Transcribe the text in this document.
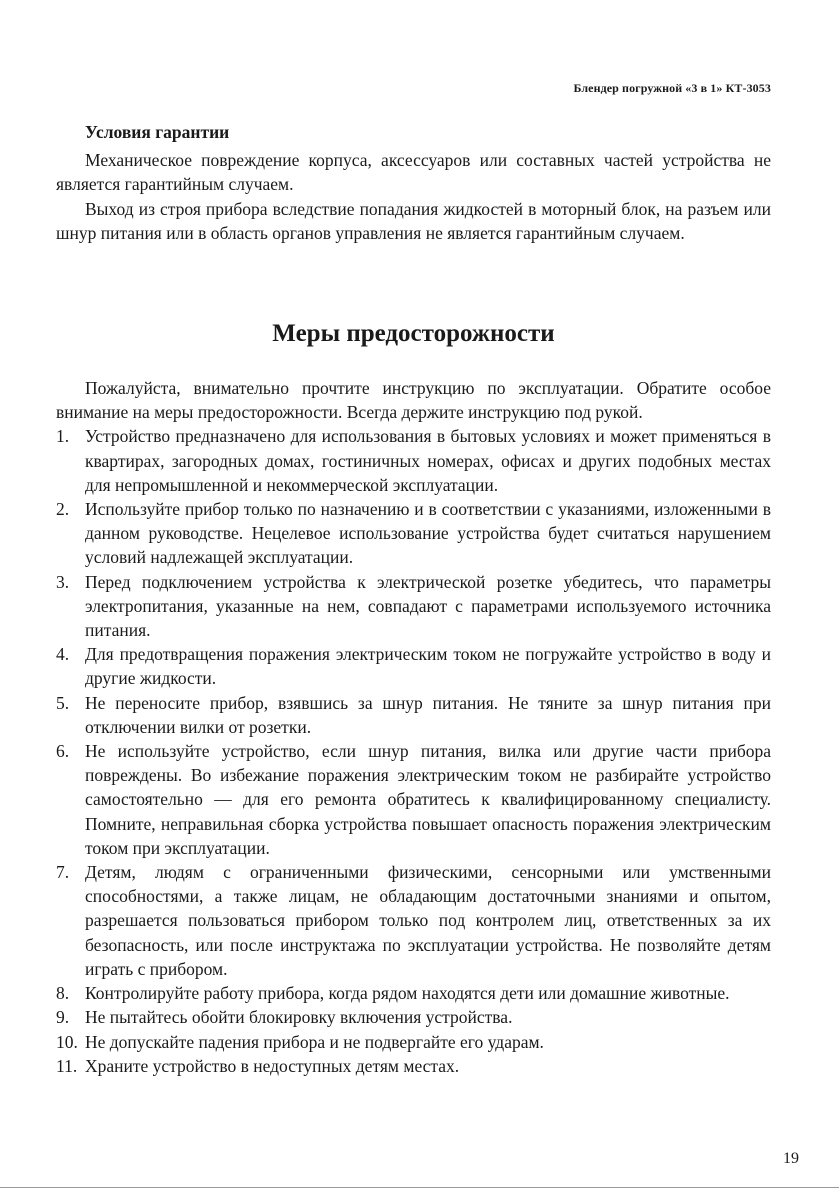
Блендер погружной «3 в 1» КТ-3053
Условия гарантии

Механическое повреждение корпуса, аксессуаров или составных частей устройства не является гарантийным случаем.

Выход из строя прибора вследствие попадания жидкостей в моторный блок, на разъем или шнур питания или в область органов управления не является гарантийным случаем.

Меры предосторожности

Пожалуйста, внимательно прочтите инструкцию по эксплуатации. Обратите особое внимание на меры предосторожности. Всегда держите инструкцию под рукой.

1. Устройство предназначено для использования в бытовых условиях и может применяться в квартирах, загородных домах, гостиничных номерах, офисах и других подобных местах для непромышленной и некоммерческой эксплуатации.
2. Используйте прибор только по назначению и в соответствии с указаниями, изложенными в данном руководстве. Нецелевое использование устройства будет считаться нарушением условий надлежащей эксплуатации.
3. Перед подключением устройства к электрической розетке убедитесь, что параметры электропитания, указанные на нем, совпадают с параметрами используемого источника питания.
4. Для предотвращения поражения электрическим током не погружайте устройство в воду и другие жидкости.
5. Не переносите прибор, взявшись за шнур питания. Не тяните за шнур питания при отключении вилки от розетки.
6. Не используйте устройство, если шнур питания, вилка или другие части прибора повреждены. Во избежание поражения электрическим током не разбирайте устройство самостоятельно — для его ремонта обратитесь к квалифицированному специалисту. Помните, неправильная сборка устройства повышает опасность поражения электрическим током при эксплуатации.
7. Детям, людям с ограниченными физическими, сенсорными или умственными способностями, а также лицам, не обладающим достаточными знаниями и опытом, разрешается пользоваться прибором только под контролем лиц, ответственных за их безопасность, или после инструктажа по эксплуатации устройства. Не позволяйте детям играть с прибором.
8. Контролируйте работу прибора, когда рядом находятся дети или домашние животные.
9. Не пытайтесь обойти блокировку включения устройства.
10. Не допускайте падения прибора и не подвергайте его ударам.
11. Храните устройство в недоступных детям местах.
19
